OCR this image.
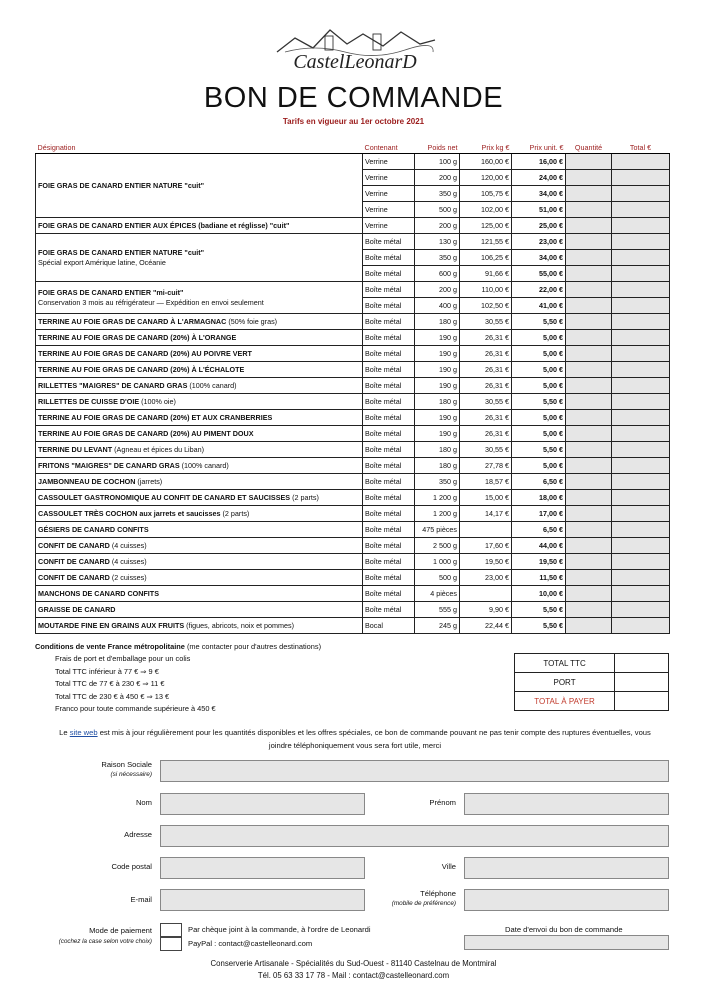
CastelLeonarD
BON DE COMMANDE
Tarifs en vigueur au 1er octobre 2021
Désignation	Contenant	Poids net	Prix kg €	Prix unit. €	Quantité	Total €
FOIE GRAS DE CANARD ENTIER NATURE "cuit"	Verrine	100 g	160,00 €	16,00 €		
	Verrine	200 g	120,00 €	24,00 €		
	Verrine	350 g	105,75 €	34,00 €		
	Verrine	500 g	102,00 €	51,00 €		
FOIE GRAS DE CANARD ENTIER AUX ÉPICES (badiane et réglisse) "cuit"	Verrine	200 g	125,00 €	25,00 €		
FOIE GRAS DE CANARD ENTIER NATURE "cuit"
Spécial export Amérique latine, Océanie	Boîte métal	130 g	121,55 €	23,00 €		
	Boîte métal	350 g	106,25 €	34,00 €		
	Boîte métal	600 g	91,66 €	55,00 €		
FOIE GRAS DE CANARD ENTIER "mi-cuit"
Conservation 3 mois au réfrigérateur — Expédition en envoi seulement	Boîte métal	200 g	110,00 €	22,00 €		
	Boîte métal	400 g	102,50 €	41,00 €		
TERRINE AU FOIE GRAS DE CANARD À L'ARMAGNAC (50% foie gras)	Boîte métal	180 g	30,55 €	5,50 €		
TERRINE AU FOIE GRAS DE CANARD (20%) À L'ORANGE	Boîte métal	190 g	26,31 €	5,00 €		
TERRINE AU FOIE GRAS DE CANARD (20%) AU POIVRE VERT	Boîte métal	190 g	26,31 €	5,00 €		
TERRINE AU FOIE GRAS DE CANARD (20%) À L'ÉCHALOTE	Boîte métal	190 g	26,31 €	5,00 €		
RILLETTES "MAIGRES" DE CANARD GRAS (100% canard)	Boîte métal	190 g	26,31 €	5,00 €		
RILLETTES DE CUISSE D'OIE (100% oie)	Boîte métal	180 g	30,55 €	5,50 €		
TERRINE AU FOIE GRAS DE CANARD (20%) ET AUX CRANBERRIES	Boîte métal	190 g	26,31 €	5,00 €		
TERRINE AU FOIE GRAS DE CANARD (20%) AU PIMENT DOUX	Boîte métal	190 g	26,31 €	5,00 €		
TERRINE DU LEVANT (Agneau et épices du Liban)	Boîte métal	180 g	30,55 €	5,50 €		
FRITONS "MAIGRES" DE CANARD GRAS (100% canard)	Boîte métal	180 g	27,78 €	5,00 €		
JAMBONNEAU DE COCHON (jarrets)	Boîte métal	350 g	18,57 €	6,50 €		
CASSOULET GASTRONOMIQUE AU CONFIT DE CANARD ET SAUCISSES (2 parts)	Boîte métal	1 200 g	15,00 €	18,00 €		
CASSOULET TRÈS COCHON aux jarrets et saucisses (2 parts)	Boîte métal	1 200 g	14,17 €	17,00 €		
GÉSIERS DE CANARD CONFITS	Boîte métal	475 pièces		6,50 €		
CONFIT DE CANARD (4 cuisses)	Boîte métal	2 500 g	17,60 €	44,00 €		
CONFIT DE CANARD (4 cuisses)	Boîte métal	1 000 g	19,50 €	19,50 €		
CONFIT DE CANARD (2 cuisses)	Boîte métal	500 g	23,00 €	11,50 €		
MANCHONS DE CANARD CONFITS	Boîte métal	4 pièces		10,00 €		
GRAISSE DE CANARD	Boîte métal	555 g	9,90 €	5,50 €		
MOUTARDE FINE EN GRAINS AUX FRUITS (figues, abricots, noix et pommes)	Bocal	245 g	22,44 €	5,50 €		
Conditions de vente France métropolitaine (me contacter pour d'autres destinations)
Frais de port et d'emballage pour un colis
Total TTC inférieur à 77 € ⇒ 9 €
Total TTC de 77 € à 230 € ⇒ 11 €
Total TTC de 230 € à 450 € ⇒ 13 €
Franco pour toute commande supérieure à 450 €
TOTAL TTC	
PORT	
TOTAL À PAYER	
Le site web est mis à jour régulièrement pour les quantités disponibles et les offres spéciales, ce bon de commande pouvant ne pas tenir compte des ruptures éventuelles, vous joindre téléphoniquement vous sera fort utile, merci
Raison Sociale
(si nécessaire)
Nom	Prénom
Adresse
Code postal	Ville
E-mail
Téléphone
(mobile de préférence)
Mode de paiement
(cochez la case selon votre choix)
Par chèque joint à la commande, à l'ordre de Leonardi
PayPal : contact@castelleonard.com
Date d'envoi du bon de commande
Conserverie Artisanale - Spécialités du Sud-Ouest - 81140 Castelnau de Montmiral
Tél. 05 63 33 17 78 - Mail : contact@castelleonard.com
